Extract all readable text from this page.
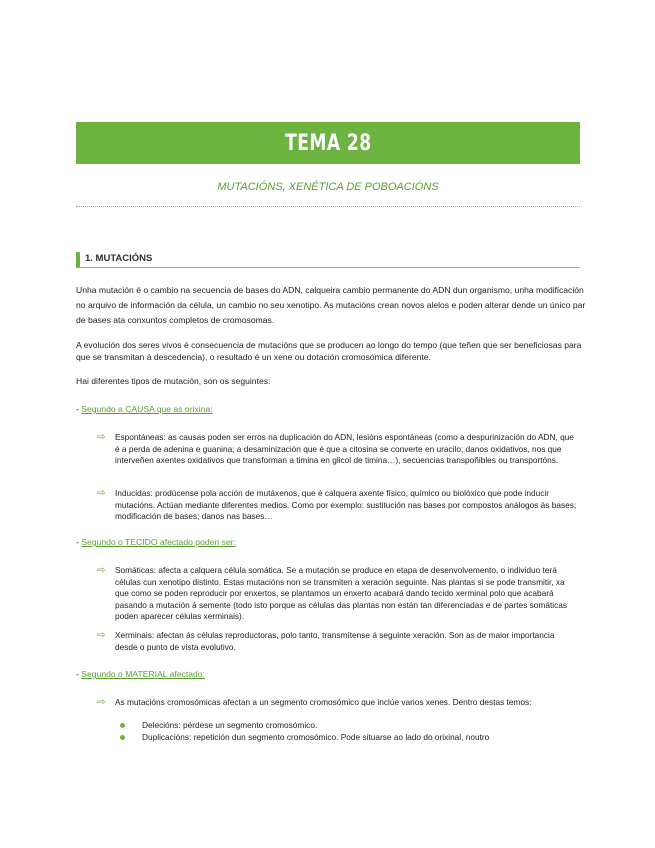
TEMA 28
MUTACIÓNS, XENÉTICA DE POBOACIÓNS
1. MUTACIÓNS
Unha mutación é o cambio na secuencia de bases do ADN, calqueira cambio permanente do ADN dun organismo, unha modificación no arquivo de información da célula, un cambio no seu xenotipo. As mutacións crean novos alelos e poden alterar dende un único par de bases ata conxuntos completos de cromosomas.
A evolución dos seres vivos é consecuencia de mutacións que se producen ao longo do tempo (que teñen que ser beneficiosas para que se transmitan á descedencia), o resultado é un xene ou dotación cromosómica diferente.
Hai diferentes tipos de mutación, son os seguintes:
- Segundo a CAUSA que as orixina:
⇨ Espontáneas: as causas poden ser erros na duplicación do ADN, lesións espontáneas (como a despurinización do ADN, que é a perda de adenina e guanina; a desaminización que é que a citosina se converte en uracilo; danos oxidativos, nos que interveñen axentes oxidativos que transforman a timina en glicol de timina…), secuencias transpoñibles ou transportóns.
⇨ Inducidas: prodúcense pola acción de mutáxenos, que é calquera axente físico, químico ou biolóxico que pode inducir mutacións. Actúan mediante diferentes medios. Como por exemplo: sustitución nas bases por compostos análogos ás bases; modificación de bases; danos nas bases…
- Segundo o TECIDO afectado poden ser:
⇨ Somáticas: afecta a calquera célula somática. Se a mutación se produce en etapa de desenvolvemento, o individuo terá células cun xenotipo distinto. Estas mutacións non se transmiten a xeración seguinte. Nas plantas si se pode transmitir, xa que como se poden reproducir por enxertos, se plantamos un enxerto acabará dando tecido xerminal polo que acabará pasando a mutación á semente (todo isto porque as células das plantas non están tan diferenciadas e de partes somáticas poden aparecer células xerminais).
⇨ Xerminais: afectan ás células reproductoras, polo tanto, transmítense á seguinte xeración. Son as de maior importancia desde o punto de vista evolutivo.
- Segundo o MATERIAL afectado:
⇨ As mutacións cromosómicas afectan a un segmento cromosómico que inclúe varios xenes. Dentro destas temos:
Delecións: pérdese un segmento cromosómico.
Duplicacións: repetición dun segmento cromosómico. Pode situarse ao lado do orixinal, noutro
